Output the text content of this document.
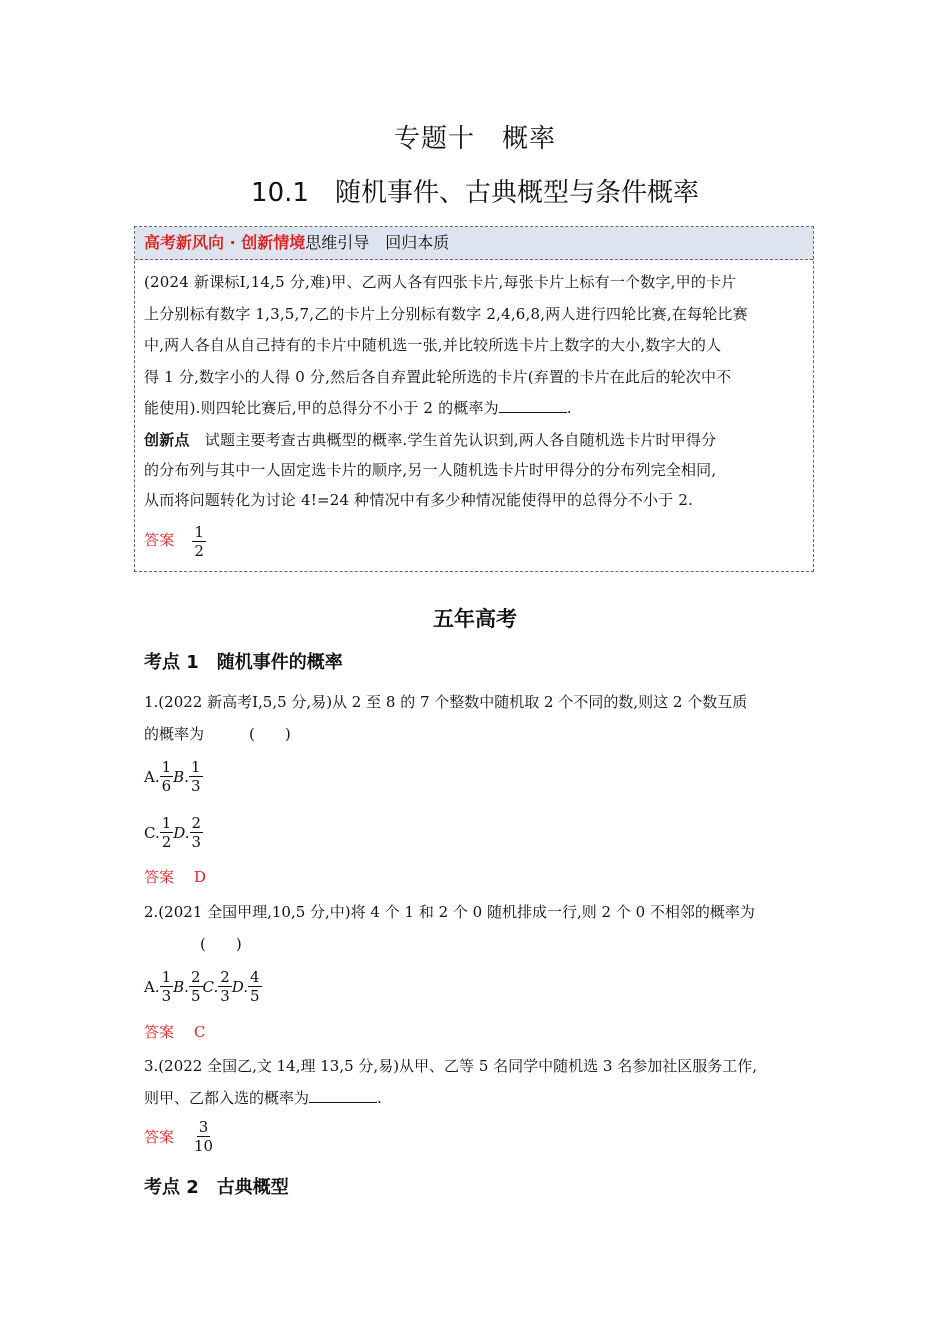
专题十　概率
10.1　随机事件、古典概型与条件概率
高考新风向 · 创新情境思维引导　回归本质
(2024 新课标Ⅰ,14,5 分,难)甲、乙两人各有四张卡片,每张卡片上标有一个数字,甲的卡片
上分别标有数字 1,3,5,7,乙的卡片上分别标有数字 2,4,6,8,两人进行四轮比赛,在每轮比赛
中,两人各自从自己持有的卡片中随机选一张,并比较所选卡片上数字的大小,数字大的人
得 1 分,数字小的人得 0 分,然后各自弃置此轮所选的卡片(弃置的卡片在此后的轮次中不
能使用).则四轮比赛后,甲的总得分不小于 2 的概率为	.
创新点　试题主要考查古典概型的概率.学生首先认识到,两人各自随机选卡片时甲得分
的分布列与其中一人固定选卡片的顺序,另一人随机选卡片时甲得分的分布列完全相同,
从而将问题转化为讨论 4!=24 种情况中有多少种情况能使得甲的总得分不小于 2.
答案 $\frac{1}{2}$
五年高考
考点 1　随机事件的概率
1.(2022 新高考Ⅰ,5,5 分,易)从 2 至 8 的 7 个整数中随机取 2 个不同的数,则这 2 个数互质
的概率为　　　(　　)
A. $\frac{1}{6} B$. $\frac{1}{3}$
C. $\frac{1}{2} D$. $\frac{2}{3}$
答案 D
2.(2021 全国甲理,10,5 分,中)将 4 个 1 和 2 个 0 随机排成一行,则 2 个 0 不相邻的概率为
(　　)
A. $\frac{1}{3} B$. $\frac{2}{5} C$. $\frac{2}{3} D$. $\frac{4}{5}$
答案 C
3.(2022 全国乙,文 14,理 13,5 分,易)从甲、乙等 5 名同学中随机选 3 名参加社区服务工作,
则甲、乙都入选的概率为	.
答案 $\frac{3}{10}$
考点 2　古典概型
